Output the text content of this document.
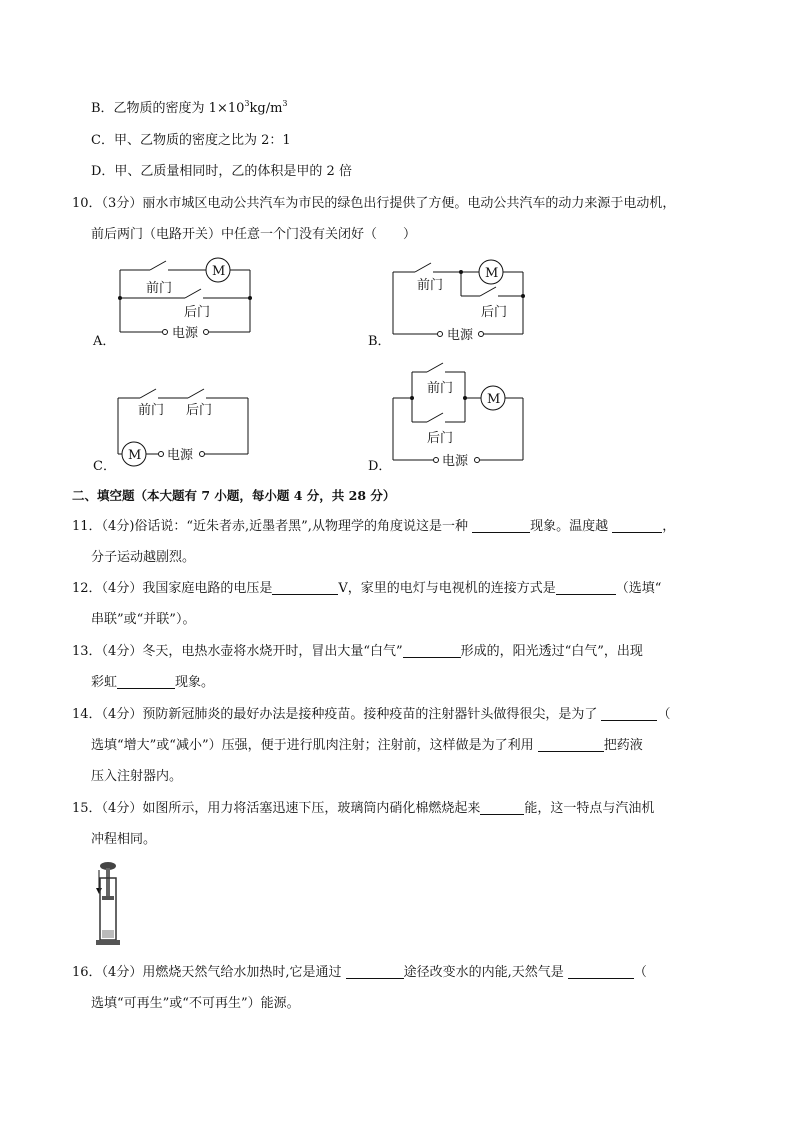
B．乙物质的密度为 $1\times 10^3kg/m^3$
C．甲、乙物质的密度之比为 2：1
D．甲、乙质量相同时，乙的体积是甲的 2 倍
10．（3分）丽水市城区电动公共汽车为市民的绿色出行提供了方便。电动公共汽车的动力来源于电动机，
前后两门（电路开关）中任意一个门没有关闭好（　　）
A．
M
前门
后门
电源
B．
M
前门
后门
电源
C．
M
前门 后门
电源
D．
M
前门
后门
电源
二、填空题（本大题有 7 小题，每小题 4 分，共 28 分）
11．（4分)俗话说：“近朱者赤,近墨者黑”,从物理学的角度说这是一种	现象。温度越	，
分子运动越剧烈。
12．（4分）我国家庭电路的电压是	V，家里的电灯与电视机的连接方式是	（选填“
串联”或“并联”）。
13．（4分）冬天，电热水壶将水烧开时，冒出大量“白气”	形成的，阳光透过“白气”，出现
彩虹	现象。
14．（4分）预防新冠肺炎的最好办法是接种疫苗。接种疫苗的注射器针头做得很尖，是为了	（
选填“增大”或“减小”）压强，便于进行肌肉注射；注射前，这样做是为了利用	把药液
压入注射器内。
15．（4分）如图所示，用力将活塞迅速下压，玻璃筒内硝化棉燃烧起来	能，这一特点与汽油机
冲程相同。
16．（4分）用燃烧天然气给水加热时,它是通过	途径改变水的内能,天然气是	（
选填“可再生”或“不可再生”）能源。
